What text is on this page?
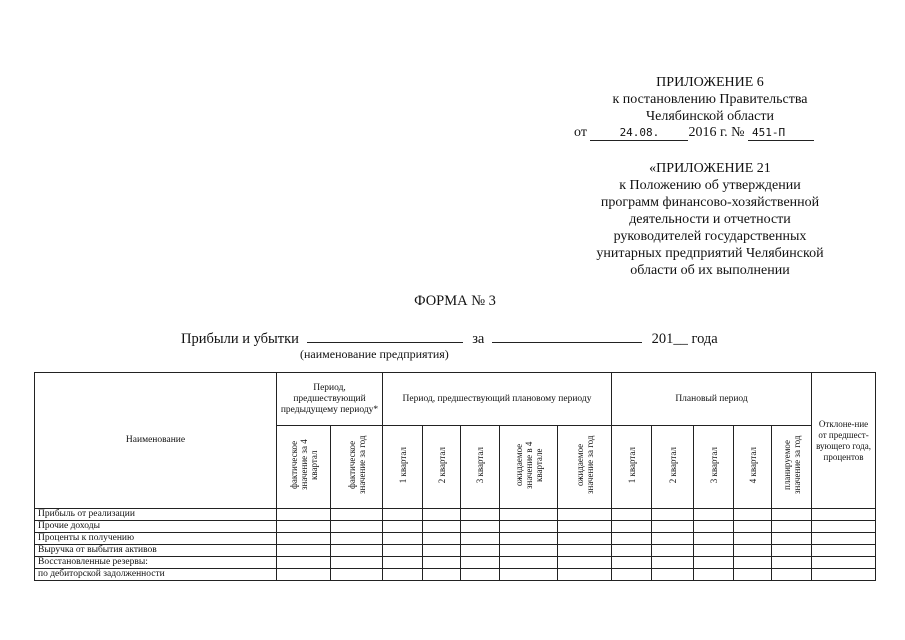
ПРИЛОЖЕНИЕ 6
к постановлению Правительства
Челябинской области
от	24.08. 2016 г. № 451-П
«ПРИЛОЖЕНИЕ 21
к Положению об утверждении
программ финансово-хозяйственной
деятельности и отчетности
руководителей государственных
унитарных предприятий Челябинской
области об их выполнении
ФОРМА № 3
Прибыли и убытки	за	201__ года
(наименование предприятия)
Наименование	Период, предшествующий предыдущему периоду*		Период, предшествующий плановому периоду					Плановый период					Отклоне-ние от предшест-вующего года, процентов
	фактическое значение за 4 квартал	фактическое значение за год	1 квартал	2 квартал	3 квартал	ожидаемое значение в 4 квартале	ожидаемое значение за год	1 квартал	2 квартал	3 квартал	4 квартал	планируемое значение за год	
Прибыль от реализации													
Прочие доходы													
Проценты к получению													
Выручка от выбытия активов													
Восстановленные резервы:													
по дебиторской задолженности													
